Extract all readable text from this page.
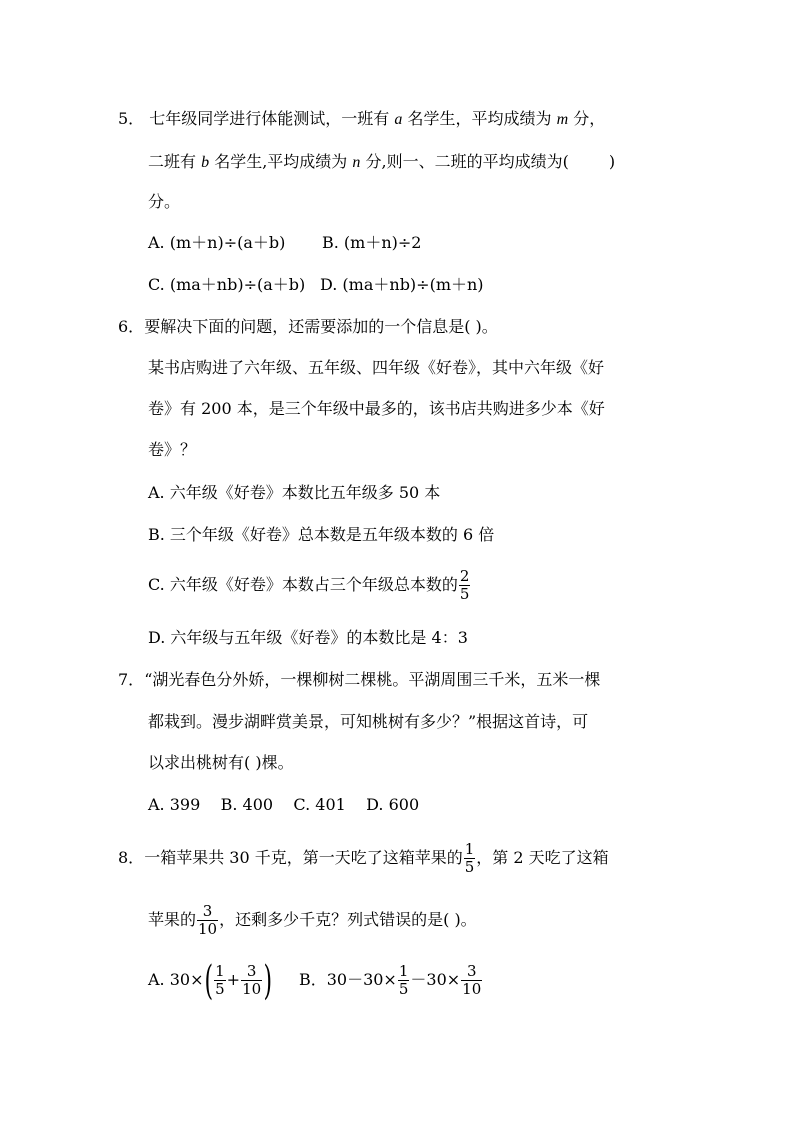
5． 七年级同学进行体能测试，一班有 a 名学生，平均成绩为 m 分，
二班有 b 名学生,平均成绩为 n 分,则一、二班的平均成绩为(	)
分。
A. (m＋n)÷(a＋b) B. (m＋n)÷2
C. (ma＋nb)÷(a＋b) D. (ma＋nb)÷(m＋n)
6．要解决下面的问题，还需要添加的一个信息是( )。
某书店购进了六年级、五年级、四年级《好卷》，其中六年级《好
卷》有 200 本，是三个年级中最多的，该书店共购进多少本《好
卷》？
A. 六年级《好卷》本数比五年级多 50 本
B. 三个年级《好卷》总本数是五年级本数的 6 倍
C. 六年级《好卷》本数占三个年级总本数的 $\frac{2}{5}$
D. 六年级与五年级《好卷》的本数比是 4：3
7．“湖光春色分外娇，一棵柳树二棵桃。平湖周围三千米，五米一棵
都栽到。漫步湖畔赏美景，可知桃树有多少？”根据这首诗，可
以求出桃树有( )棵。
A. 399    B. 400    C. 401    D. 600
8．一箱苹果共 30 千克，第一天吃了这箱苹果的 $\frac{1}{5}$ ，第 2 天吃了这箱
苹果的 $\frac{3}{10}$ ，还剩多少千克？列式错误的是( )。
A. $30\times( \frac{1}{5} + \frac{3}{10}$ ) B．$30-30\times \frac{1}{5} -30\times \frac{3}{10}$
